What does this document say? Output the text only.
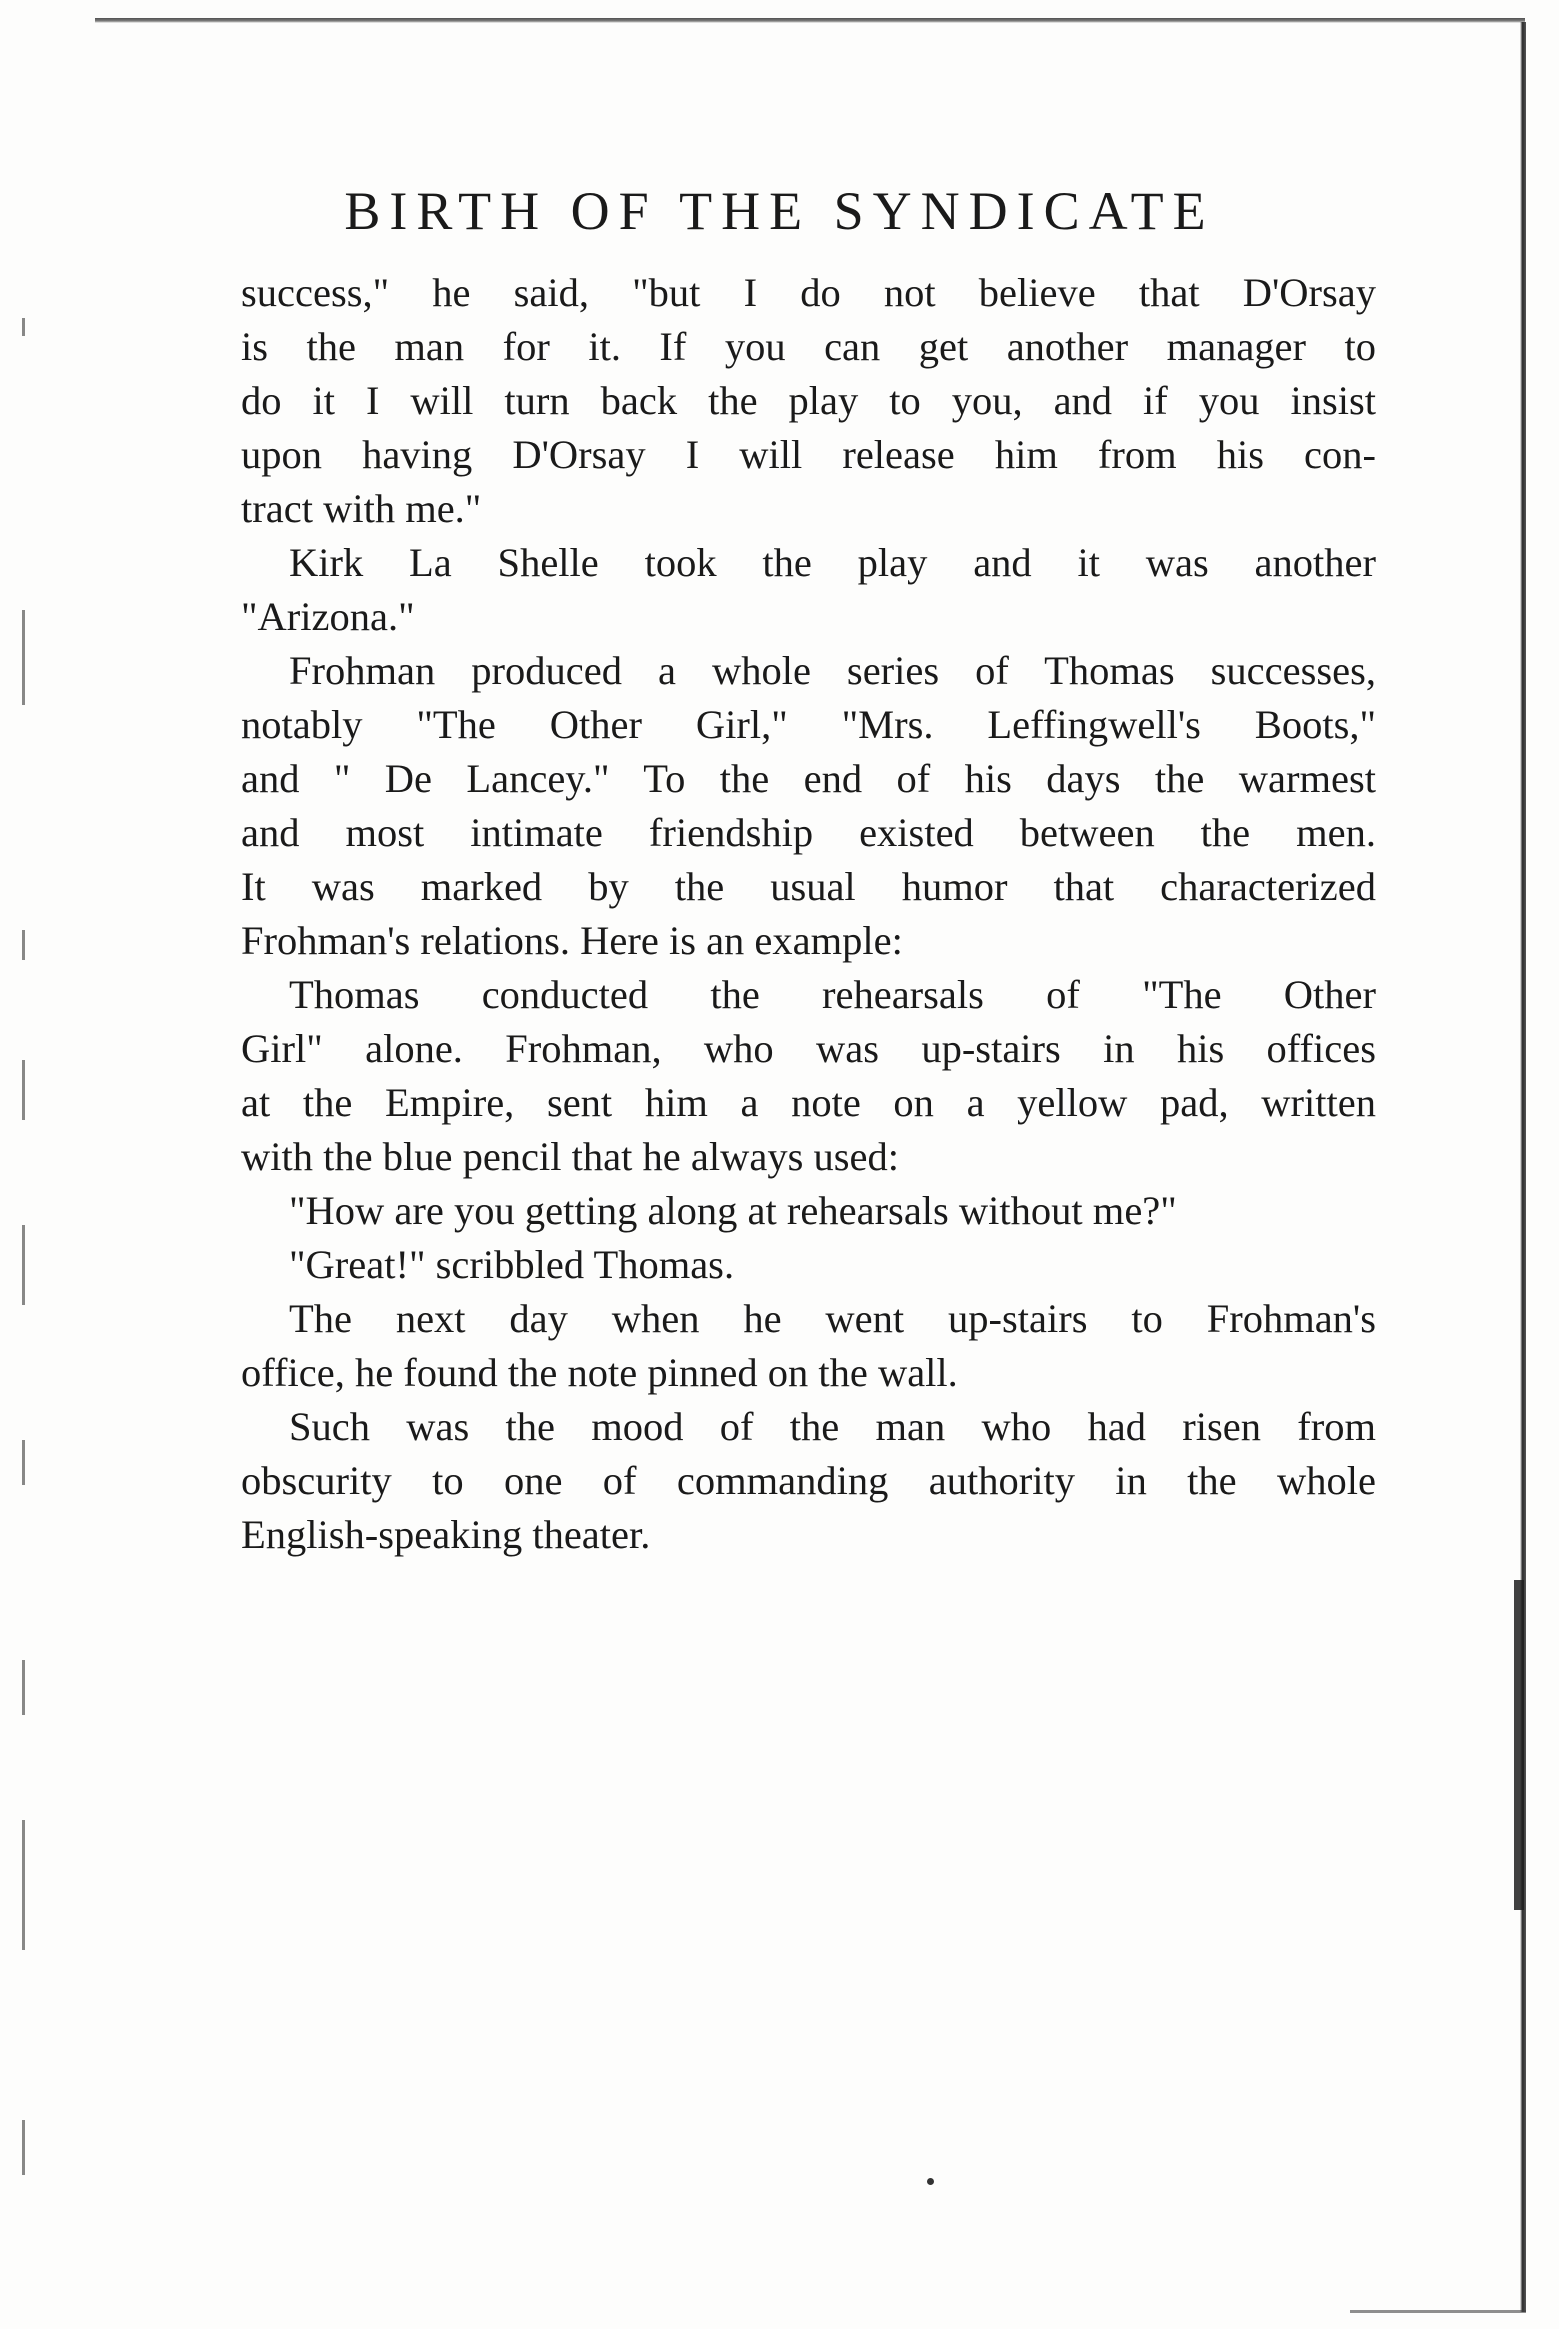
BIRTH OF THE SYNDICATE
success," he said, "but I do not believe that D'Orsay
is the man for it. If you can get another manager to
do it I will turn back the play to you, and if you insist
upon having D'Orsay I will release him from his con-
tract with me."
Kirk La Shelle took the play and it was another
"Arizona."
Frohman produced a whole series of Thomas successes,
notably "The Other Girl," "Mrs. Leffingwell's Boots,"
and " De Lancey." To the end of his days the warmest
and most intimate friendship existed between the men.
It was marked by the usual humor that characterized
Frohman's relations. Here is an example:
Thomas conducted the rehearsals of "The Other
Girl" alone. Frohman, who was up-stairs in his offices
at the Empire, sent him a note on a yellow pad, written
with the blue pencil that he always used:
"How are you getting along at rehearsals without me?"
"Great!" scribbled Thomas.
The next day when he went up-stairs to Frohman's
office, he found the note pinned on the wall.
Such was the mood of the man who had risen from
obscurity to one of commanding authority in the whole
English-speaking theater.
